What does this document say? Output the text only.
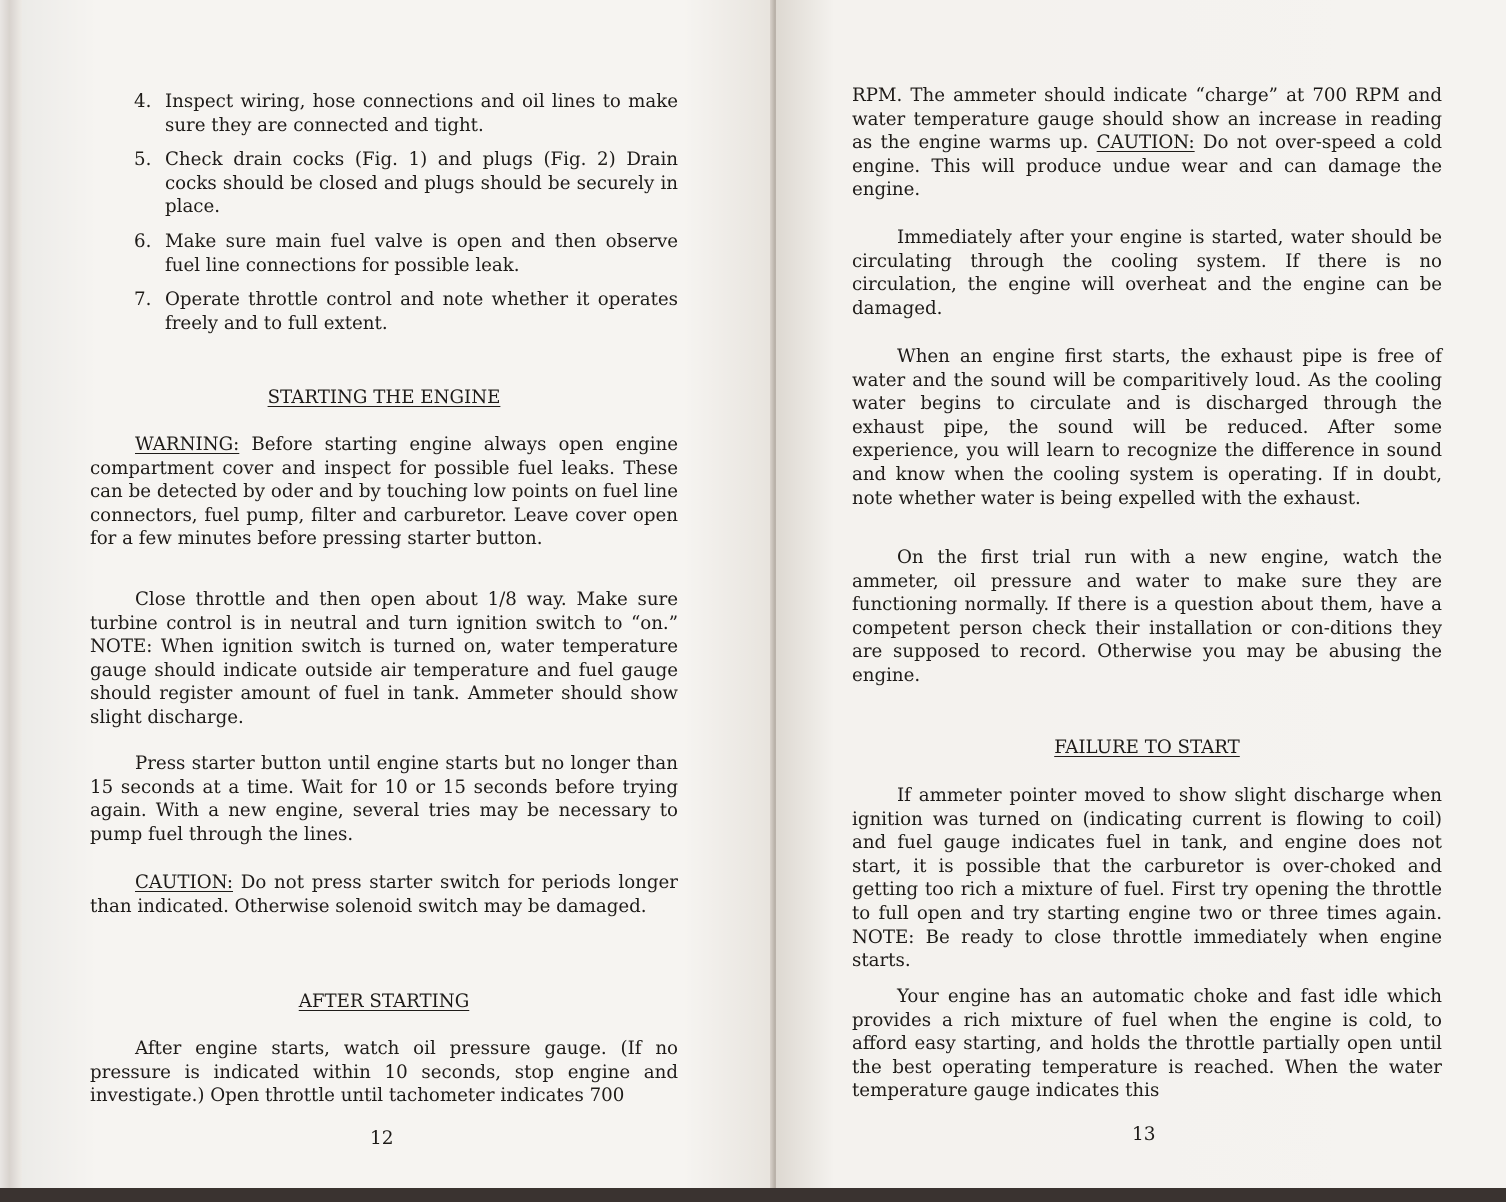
4. Inspect wiring, hose connections and oil lines to make sure they are connected and tight.
5. Check drain cocks (Fig. 1) and plugs (Fig. 2) Drain cocks should be closed and plugs should be securely in place.
6. Make sure main fuel valve is open and then observe fuel line connections for possible leak.
7. Operate throttle control and note whether it operates freely and to full extent.
STARTING THE ENGINE

WARNING: Before starting engine always open engine compartment cover and inspect for possible fuel leaks. These can be detected by oder and by touching low points on fuel line connectors, fuel pump, filter and carburetor. Leave cover open for a few minutes before pressing starter button.

Close throttle and then open about 1/8 way. Make sure turbine control is in neutral and turn ignition switch to “on.” NOTE: When ignition switch is turned on, water temperature gauge should indicate outside air temperature and fuel gauge should register amount of fuel in tank. Ammeter should show slight discharge.

Press starter button until engine starts but no longer than 15 seconds at a time. Wait for 10 or 15 seconds before trying again. With a new engine, several tries may be necessary to pump fuel through the lines.

CAUTION: Do not press starter switch for periods longer than indicated. Otherwise solenoid switch may be damaged.

AFTER STARTING

After engine starts, watch oil pressure gauge. (If no pressure is indicated within 10 seconds, stop engine and investigate.) Open throttle until tachometer indicates 700

12

RPM. The ammeter should indicate “charge” at 700 RPM and water temperature gauge should show an increase in reading as the engine warms up. CAUTION: Do not over-speed a cold engine. This will produce undue wear and can damage the engine.

Immediately after your engine is started, water should be circulating through the cooling system. If there is no circulation, the engine will overheat and the engine can be damaged.

When an engine first starts, the exhaust pipe is free of water and the sound will be comparitively loud. As the cooling water begins to circulate and is discharged through the exhaust pipe, the sound will be reduced. After some experience, you will learn to recognize the difference in sound and know when the cooling system is operating. If in doubt, note whether water is being expelled with the exhaust.

On the first trial run with a new engine, watch the ammeter, oil pressure and water to make sure they are functioning normally. If there is a question about them, have a competent person check their installation or con-ditions they are supposed to record. Otherwise you may be abusing the engine.

FAILURE TO START

If ammeter pointer moved to show slight discharge when ignition was turned on (indicating current is flowing to coil) and fuel gauge indicates fuel in tank, and engine does not start, it is possible that the carburetor is over-choked and getting too rich a mixture of fuel. First try opening the throttle to full open and try starting engine two or three times again. NOTE: Be ready to close throttle immediately when engine starts.

Your engine has an automatic choke and fast idle which provides a rich mixture of fuel when the engine is cold, to afford easy starting, and holds the throttle partially open until the best operating temperature is reached. When the water temperature gauge indicates this

13
